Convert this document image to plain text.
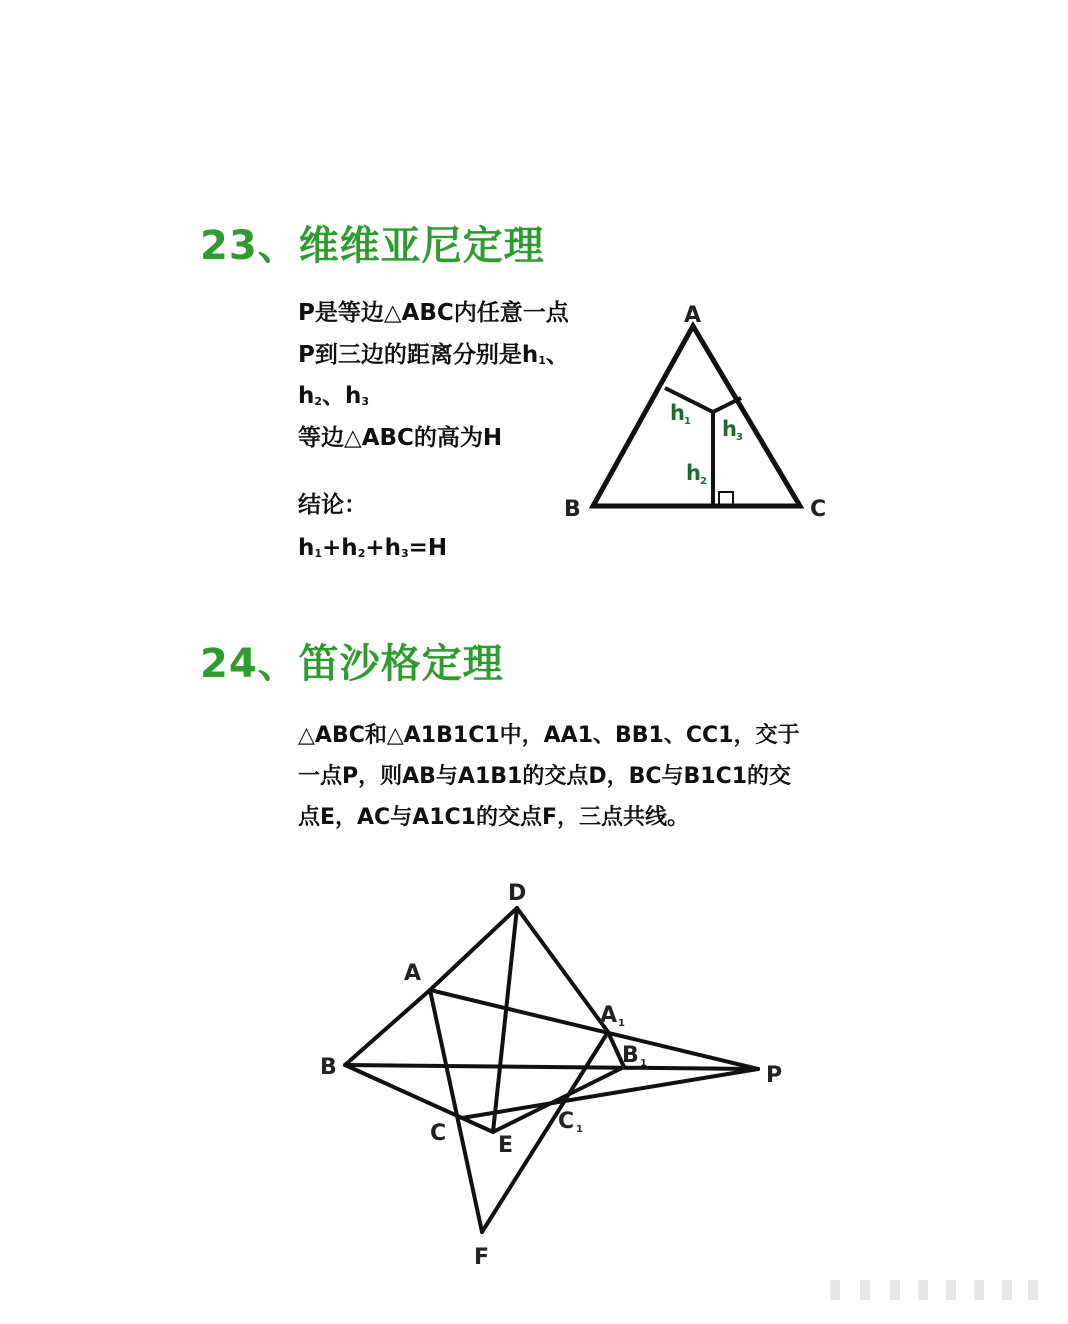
23、维维亚尼定理
P是等边△ABC内任意一点
P到三边的距离分别是$h_1$、
$h_2$、$h_3$
等边△ABC的高为H
结论：
$h_1+h_2+h_3=H$
A
B	C
h 1 h 3
h 2
24、笛沙格定理
△ABC和△A1B1C1中，AA1、BB1、CC1，交于
一点P，则AB与A1B1的交点D，BC与B1C1的交
点E，AC与A1C1的交点F，三点共线。
D
A
A 1
B	B 1	P
C	C 1
E
F
